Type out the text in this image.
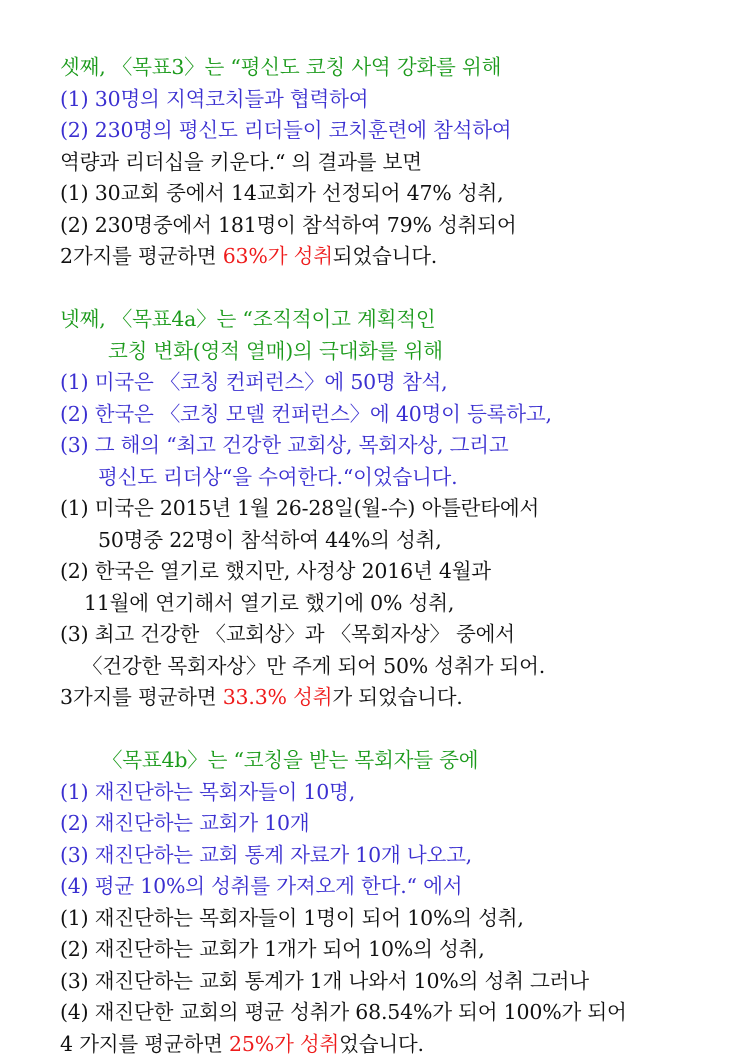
셋째, 〈목표3〉는 “평신도 코칭 사역 강화를 위해
(1) 30명의 지역코치들과 협력하여
(2) 230명의 평신도 리더들이 코치훈련에 참석하여
역량과 리더십을 키운다.“ 의 결과를 보면
(1) 30교회 중에서 14교회가 선정되어 47% 성취,
(2) 230명중에서 181명이 참석하여 79% 성취되어
2가지를 평균하면 63%가 성취되었습니다.
넷째, 〈목표4a〉는 “조직적이고 계획적인
코칭 변화(영적 열매)의 극대화를 위해
(1) 미국은 〈코칭 컨퍼런스〉에 50명 참석,
(2) 한국은 〈코칭 모델 컨퍼런스〉에 40명이 등록하고,
(3) 그 해의 “최고 건강한 교회상, 목회자상, 그리고
평신도 리더상“을 수여한다.“이었습니다.
(1) 미국은 2015년 1월 26-28일(월-수) 아틀란타에서
50명중 22명이 참석하여 44%의 성취,
(2) 한국은 열기로 했지만, 사정상 2016년 4월과
11월에 연기해서 열기로 했기에 0% 성취,
(3) 최고 건강한 〈교회상〉과 〈목회자상〉 중에서
〈건강한 목회자상〉만 주게 되어 50% 성취가 되어.
3가지를 평균하면 33.3% 성취가 되었습니다.
〈목표4b〉는 “코칭을 받는 목회자들 중에
(1) 재진단하는 목회자들이 10명,
(2) 재진단하는 교회가 10개
(3) 재진단하는 교회 통계 자료가 10개 나오고,
(4) 평균 10%의 성취를 가져오게 한다.“ 에서
(1) 재진단하는 목회자들이 1명이 되어 10%의 성취,
(2) 재진단하는 교회가 1개가 되어 10%의 성취,
(3) 재진단하는 교회 통계가 1개 나와서 10%의 성취 그러나
(4) 재진단한 교회의 평균 성취가 68.54%가 되어 100%가 되어
4 가지를 평균하면 25%가 성취었습니다.
